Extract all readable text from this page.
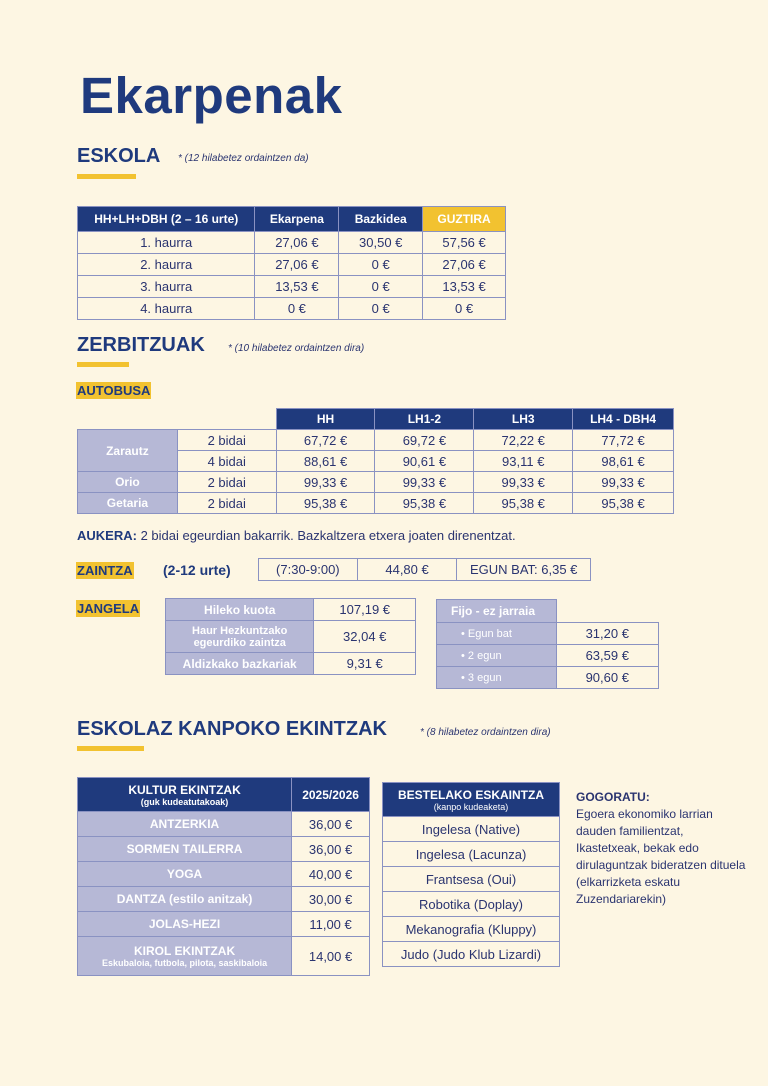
Ekarpenak
ESKOLA * (12 hilabetez ordaintzen da)
HH+LH+DBH (2 – 16 urte)	Ekarpena	Bazkidea	GUZTIRA
1. haurra	27,06 €	30,50 €	57,56 €
2. haurra	27,06 €	0 €	27,06 €
3. haurra	13,53 €	0 €	13,53 €
4. haurra	0 €	0 €	0 €
ZERBITZUAK * (10 hilabetez ordaintzen dira)
AUTOBUSA
		HH	LH1-2	LH3	LH4 - DBH4
Zarautz	2 bidai	67,72 €	69,72 €	72,22 €	77,72 €
	4 bidai	88,61 €	90,61 €	93,11 €	98,61 €
Orio	2 bidai	99,33 €	99,33 €	99,33 €	99,33 €
Getaria	2 bidai	95,38 €	95,38 €	95,38 €	95,38 €
AUKERA: 2 bidai egeurdian bakarrik. Bazkaltzera etxera joaten direnentzat.
ZAINTZA (2-12 urte)	(7:30-9:00)	44,80 €	EGUN BAT: 6,35 €
JANGELA	Hileko kuota	107,19 €
Haur Hezkuntzako egeurdiko zaintza	32,04 €
Aldizkako bazkariak	9,31 €
Fijo - ez jarraia	
• Egun bat	31,20 €
• 2 egun	63,59 €
• 3 egun	90,60 €
ESKOLAZ KANPOKO EKINTZAK	* (8 hilabetez ordaintzen dira)
KULTUR EKINTZAK
(guk kudeatutakoak)	2025/2026
ANTZERKIA	36,00 €
SORMEN TAILERRA	36,00 €
YOGA	40,00 €
DANTZA (estilo anitzak)	30,00 €
JOLAS-HEZI	11,00 €
KIROL EKINTZAK
Eskubaloia, futbola, pilota, saskibaloia	14,00 €
BESTELAKO ESKAINTZA
(kanpo kudeaketa)

Ingelesa (Native)
Ingelesa (Lacunza)
Frantsesa (Oui)
Robotika (Doplay)
Mekanografia (Kluppy)
Judo (Judo Klub Lizardi)
GOGORATU:
Egoera ekonomiko larrian dauden familientzat, Ikastetxeak, bekak edo dirulaguntzak bideratzen dituela (elkarrizketa eskatu Zuzendariarekin)
